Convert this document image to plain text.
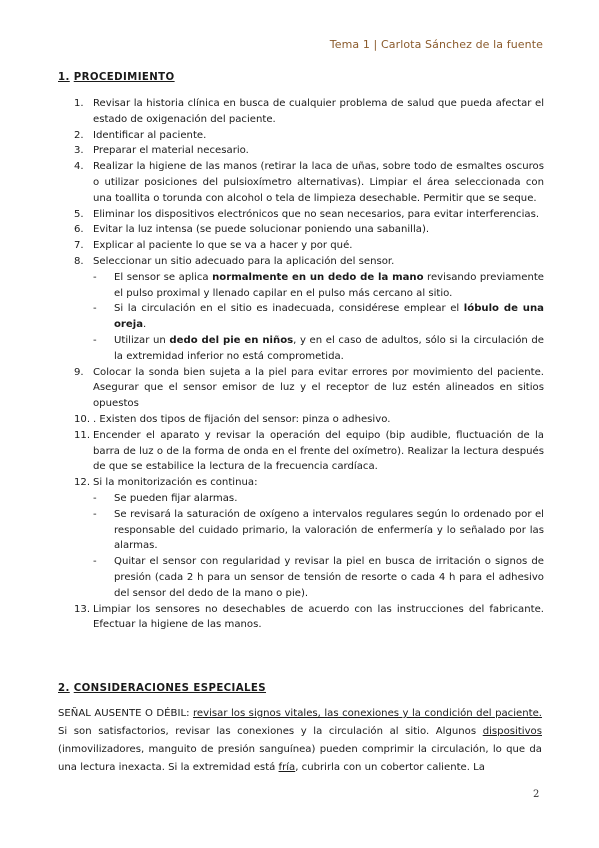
Tema 1 | Carlota Sánchez de la fuente
1. PROCEDIMIENTO
1. Revisar la historia clínica en busca de cualquier problema de salud que pueda afectar el estado de oxigenación del paciente.
2. Identificar al paciente.
3. Preparar el material necesario.
4. Realizar la higiene de las manos (retirar la laca de uñas, sobre todo de esmaltes oscuros o utilizar posiciones del pulsioxímetro alternativas). Limpiar el área seleccionada con una toallita o torunda con alcohol o tela de limpieza desechable. Permitir que se seque.
5. Eliminar los dispositivos electrónicos que no sean necesarios, para evitar interferencias.
6. Evitar la luz intensa (se puede solucionar poniendo una sabanilla).
7. Explicar al paciente lo que se va a hacer y por qué.
8. Seleccionar un sitio adecuado para la aplicación del sensor.
- El sensor se aplica normalmente en un dedo de la mano revisando previamente el pulso proximal y llenado capilar en el pulso más cercano al sitio.
- Si la circulación en el sitio es inadecuada, considérese emplear el lóbulo de una oreja.
- Utilizar un dedo del pie en niños, y en el caso de adultos, sólo si la circulación de la extremidad inferior no está comprometida.
9. Colocar la sonda bien sujeta a la piel para evitar errores por movimiento del paciente. Asegurar que el sensor emisor de luz y el receptor de luz estén alineados en sitios opuestos
10. . Existen dos tipos de fijación del sensor: pinza o adhesivo.
11. Encender el aparato y revisar la operación del equipo (bip audible, fluctuación de la barra de luz o de la forma de onda en el frente del oxímetro). Realizar la lectura después de que se estabilice la lectura de la frecuencia cardíaca.
12. Si la monitorización es continua:
- Se pueden fijar alarmas.
- Se revisará la saturación de oxígeno a intervalos regulares según lo ordenado por el responsable del cuidado primario, la valoración de enfermería y lo señalado por las alarmas.
- Quitar el sensor con regularidad y revisar la piel en busca de irritación o signos de presión (cada 2 h para un sensor de tensión de resorte o cada 4 h para el adhesivo del sensor del dedo de la mano o pie).
13. Limpiar los sensores no desechables de acuerdo con las instrucciones del fabricante. Efectuar la higiene de las manos.
2. CONSIDERACIONES ESPECIALES
SEÑAL AUSENTE O DÉBIL: revisar los signos vitales, las conexiones y la condición del paciente. Si son satisfactorios, revisar las conexiones y la circulación al sitio. Algunos dispositivos (inmovilizadores, manguito de presión sanguínea) pueden comprimir la circulación, lo que da una lectura inexacta. Si la extremidad está fría, cubrirla con un cobertor caliente. La
2
